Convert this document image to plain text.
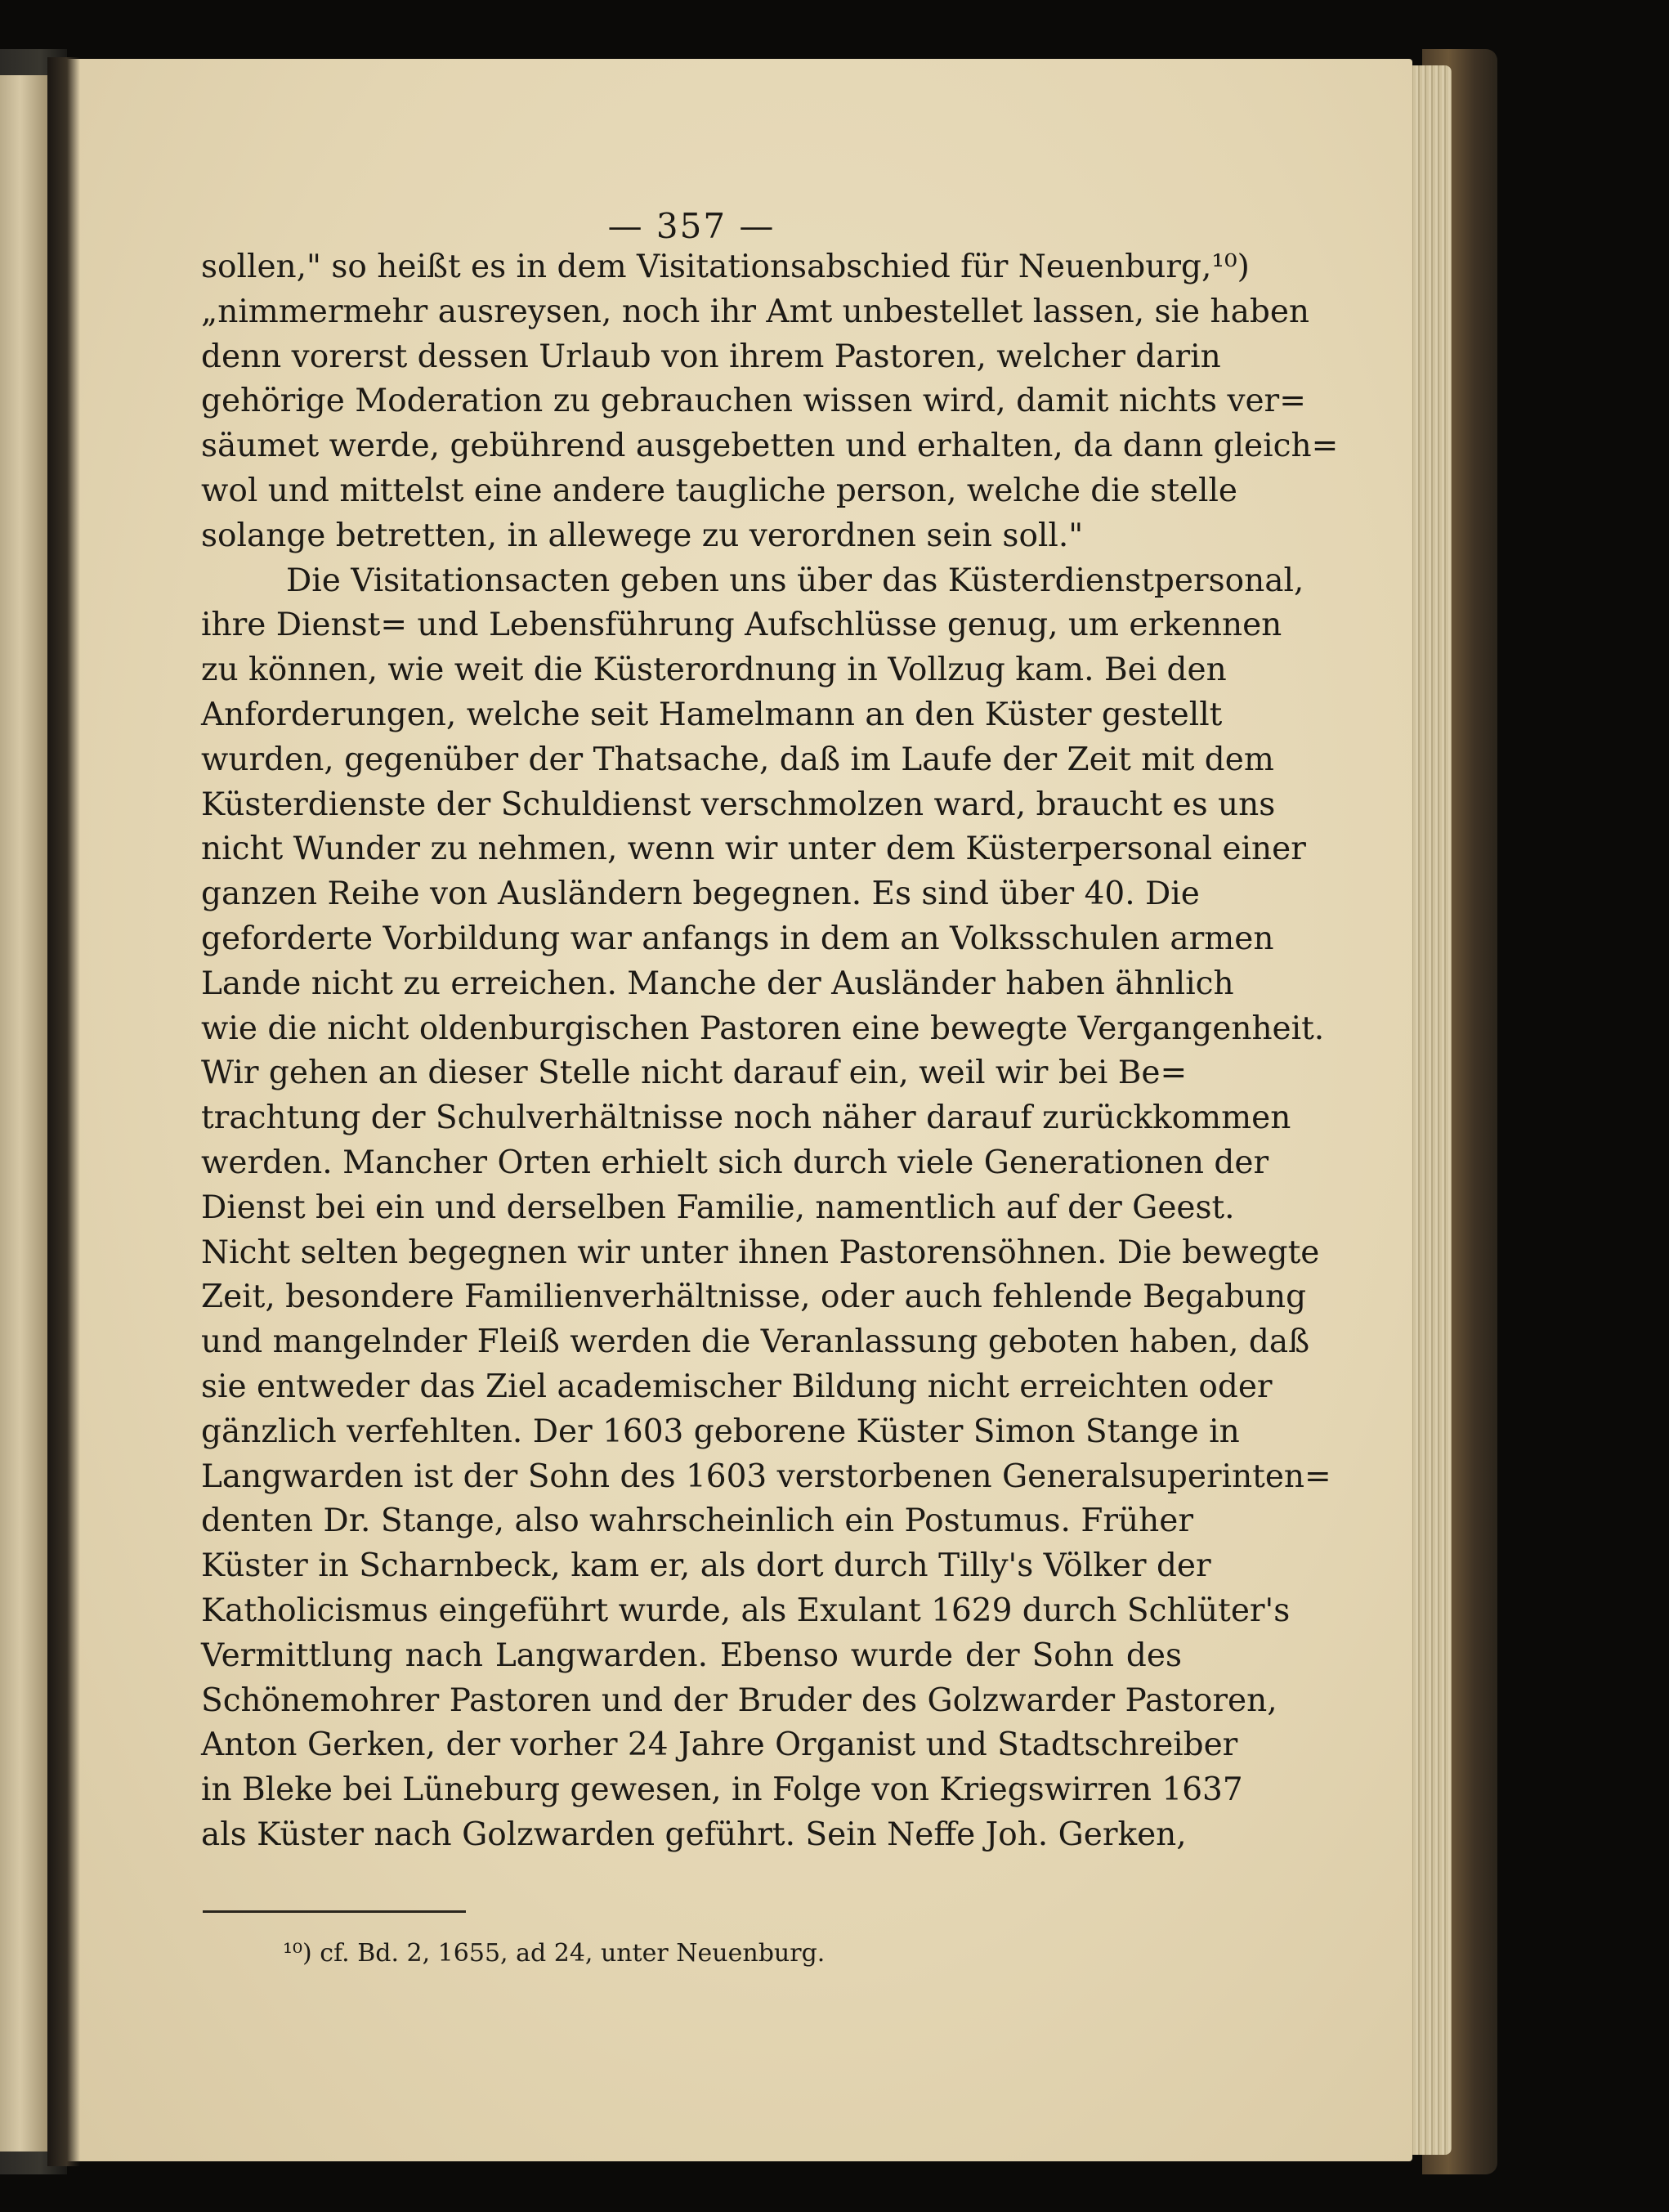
— 357 —
sollen," so heißt es in dem Visitationsabschied für Neuenburg,¹⁰)
„nimmermehr ausreysen, noch ihr Amt unbestellet lassen, sie haben
denn vorerst dessen Urlaub von ihrem Pastoren, welcher darin
gehörige Moderation zu gebrauchen wissen wird, damit nichts ver=
säumet werde, gebührend ausgebetten und erhalten, da dann gleich=
wol und mittelst eine andere taugliche person, welche die stelle
solange betretten, in allewege zu verordnen sein soll."
Die Visitationsacten geben uns über das Küsterdienstpersonal,
ihre Dienst= und Lebensführung Aufschlüsse genug, um erkennen
zu können, wie weit die Küsterordnung in Vollzug kam. Bei den
Anforderungen, welche seit Hamelmann an den Küster gestellt
wurden, gegenüber der Thatsache, daß im Laufe der Zeit mit dem
Küsterdienste der Schuldienst verschmolzen ward, braucht es uns
nicht Wunder zu nehmen, wenn wir unter dem Küsterpersonal einer
ganzen Reihe von Ausländern begegnen. Es sind über 40. Die
geforderte Vorbildung war anfangs in dem an Volksschulen armen
Lande nicht zu erreichen. Manche der Ausländer haben ähnlich
wie die nicht oldenburgischen Pastoren eine bewegte Vergangenheit.
Wir gehen an dieser Stelle nicht darauf ein, weil wir bei Be=
trachtung der Schulverhältnisse noch näher darauf zurückkommen
werden. Mancher Orten erhielt sich durch viele Generationen der
Dienst bei ein und derselben Familie, namentlich auf der Geest.
Nicht selten begegnen wir unter ihnen Pastorensöhnen. Die bewegte
Zeit, besondere Familienverhältnisse, oder auch fehlende Begabung
und mangelnder Fleiß werden die Veranlassung geboten haben, daß
sie entweder das Ziel academischer Bildung nicht erreichten oder
gänzlich verfehlten. Der 1603 geborene Küster Simon Stange in
Langwarden ist der Sohn des 1603 verstorbenen Generalsuperinten=
denten Dr. Stange, also wahrscheinlich ein Postumus. Früher
Küster in Scharnbeck, kam er, als dort durch Tilly's Völker der
Katholicismus eingeführt wurde, als Exulant 1629 durch Schlüter's
Vermittlung nach Langwarden. Ebenso wurde der Sohn des
Schönemohrer Pastoren und der Bruder des Golzwarder Pastoren,
Anton Gerken, der vorher 24 Jahre Organist und Stadtschreiber
in Bleke bei Lüneburg gewesen, in Folge von Kriegswirren 1637
als Küster nach Golzwarden geführt. Sein Neffe Joh. Gerken,
¹⁰) cf. Bd. 2, 1655, ad 24, unter Neuenburg.
